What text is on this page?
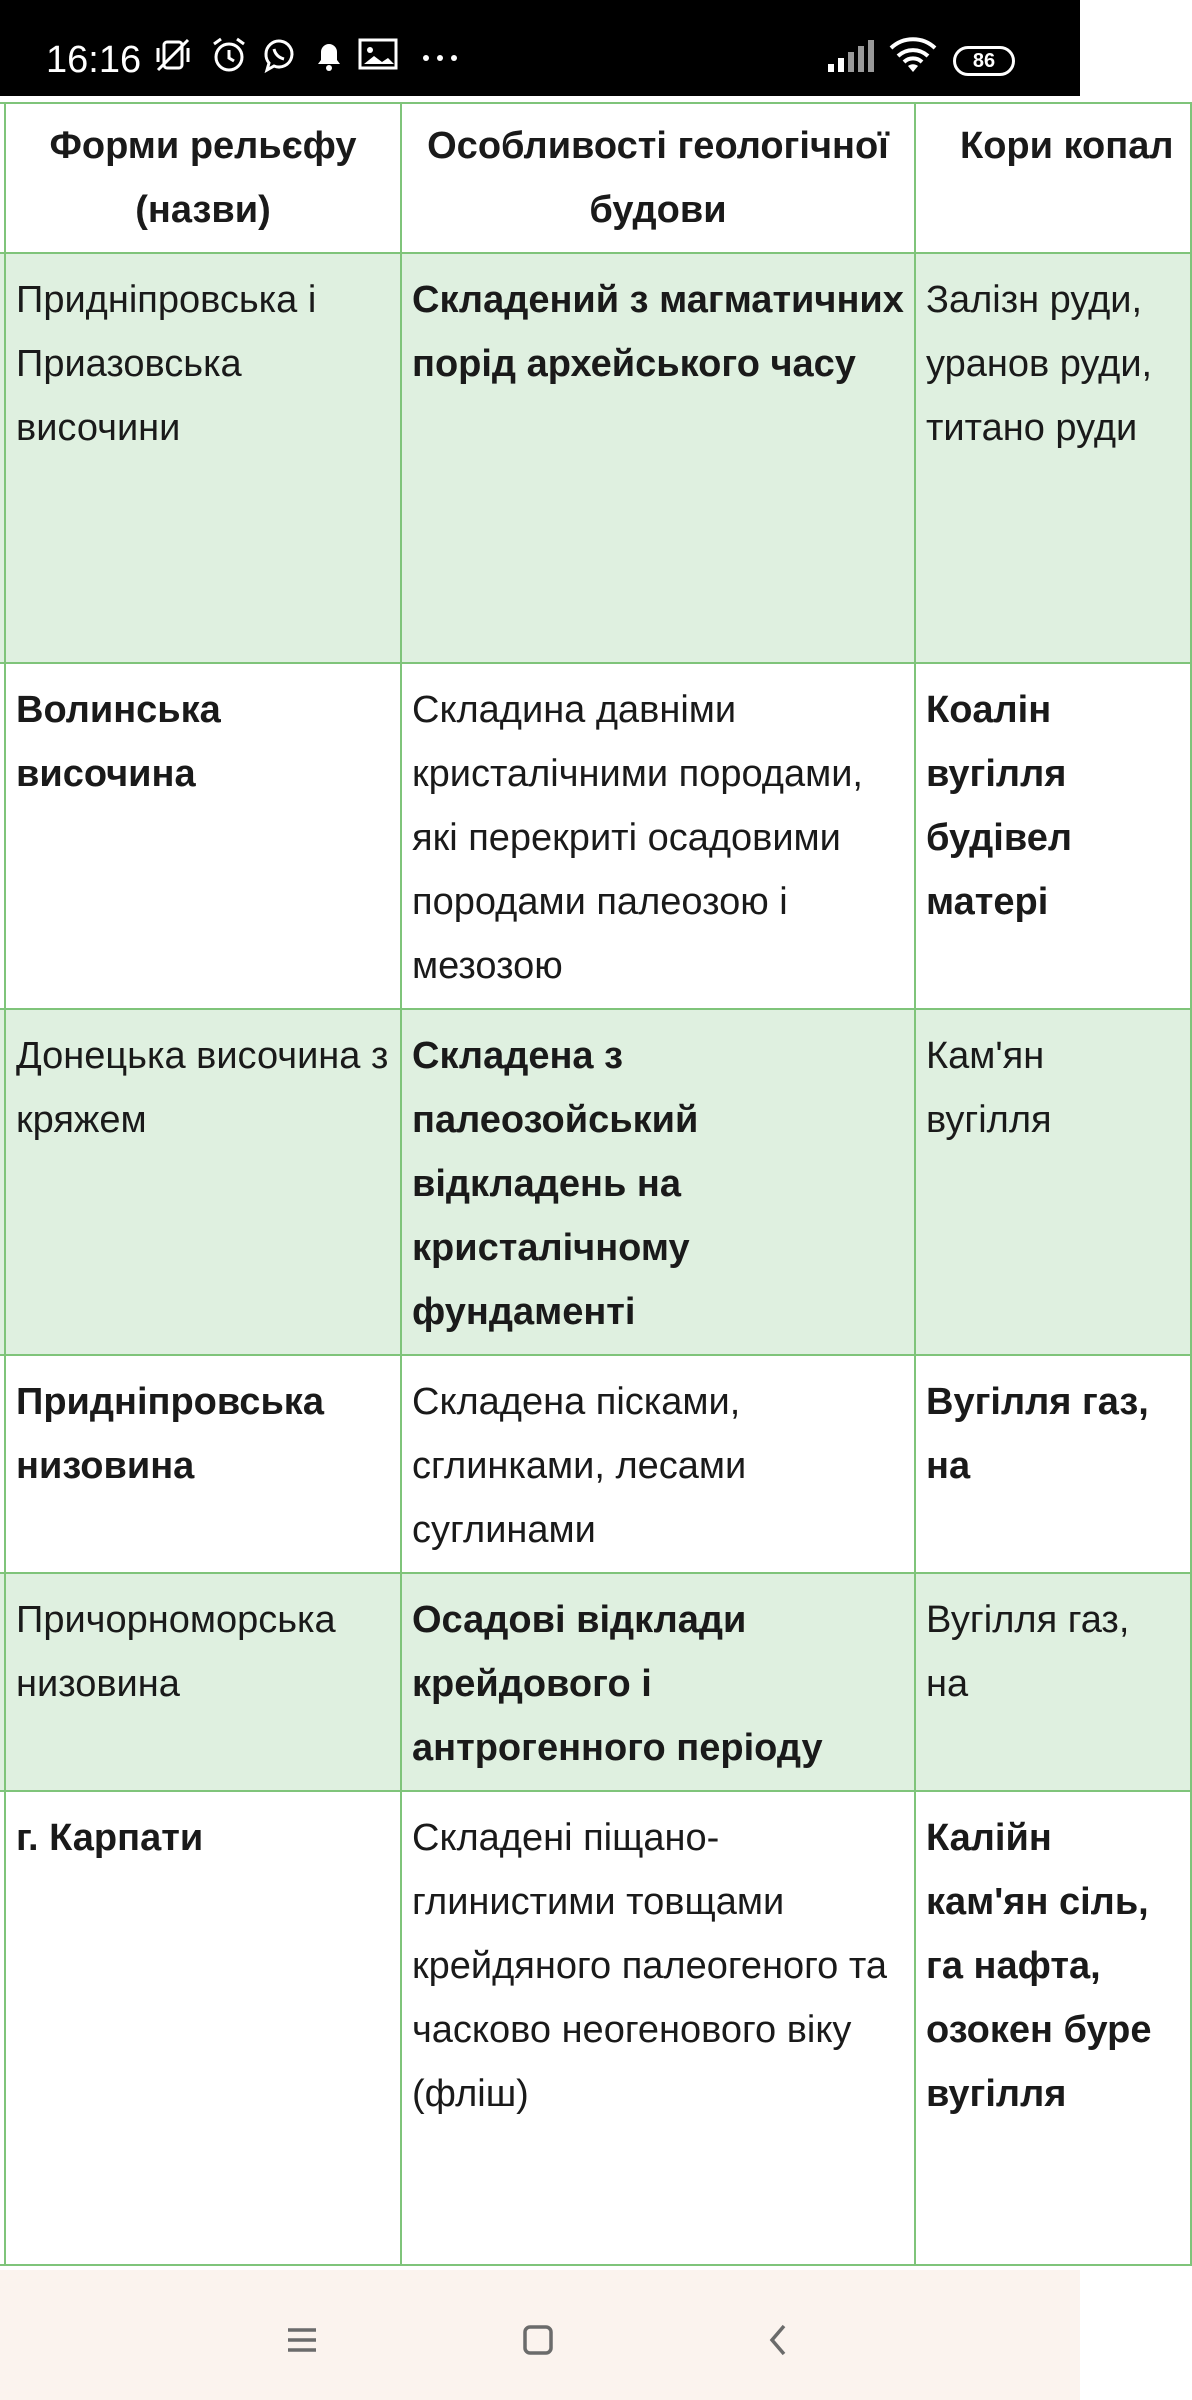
16:16	86
	Форми рельєфу (назви)	Особливості геологічної будови	Кори копал
	Придніпровська і Приазовська височини	Складений з магматичних порід архейського часу	Залізн руди, уранов руди, титано руди
	Волинська височина	Складина давніми кристалічними породами, які перекриті осадовими породами палеозою і мезозою	Коалін вугілля будівел матері
	Донецька височина з кряжем	Складена з палеозойський відкладень на кристалічному фундаменті	Кам'ян вугілля
	Придніпровська низовина	Складена пісками, сглинками, лесами суглинами	Вугілля газ, на
	Причорноморська низовина	Осадові відклади крейдового і антрогенного періоду	Вугілля газ, на
	г. Карпати	Складені піщано-глинистими товщами крейдяного палеогеного та часково неогенового віку (фліш)	Калійн кам'ян сіль, га нафта, озокен буре вугілля
